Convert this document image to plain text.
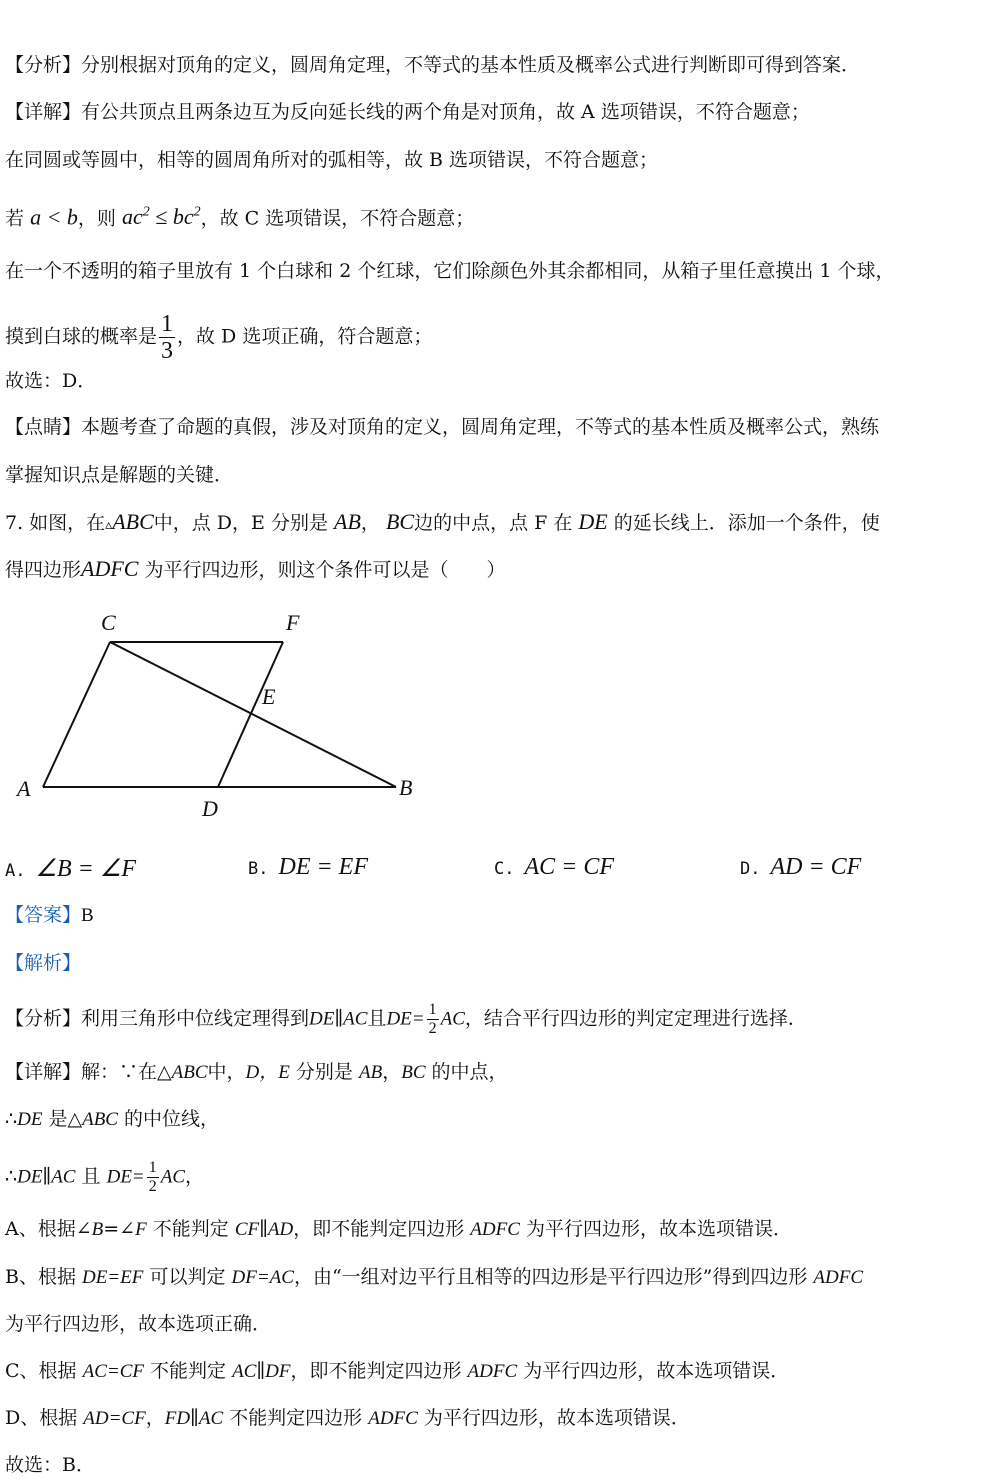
【分析】分别根据对顶角的定义，圆周角定理，不等式的基本性质及概率公式进行判断即可得到答案．
【详解】有公共顶点且两条边互为反向延长线的两个角是对顶角，故 A 选项错误，不符合题意；
在同圆或等圆中，相等的圆周角所对的弧相等，故 B 选项错误，不符合题意；
若 a < b，则 $ac^2 \le bc^2$，故 C 选项错误，不符合题意；
在一个不透明的箱子里放有 1 个白球和 2 个红球，它们除颜色外其余都相同，从箱子里任意摸出 1 个球，
摸到白球的概率是 $\frac{1}{3}$ ，故 D 选项正确，符合题意；
故选：D．
【点睛】本题考查了命题的真假，涉及对顶角的定义，圆周角定理，不等式的基本性质及概率公式，熟练
掌握知识点是解题的关键．
7. 如图，在▵ABC中，点 D，E 分别是 AB， BC边的中点，点 F 在 DE 的延长线上．添加一个条件，使
得四边形ADFC 为平行四边形，则这个条件可以是（　　）
C	F
E
A
D
B
A. ∠B = ∠F	B. DE = EF	C. AC = CF	D. AD = CF
【答案】B
【解析】
【分析】利用三角形中位线定理得到DE∥AC且$DE= \frac{1}{2}$ AC，结合平行四边形的判定定理进行选择．
【详解】解：∵在△ABC中，D，E 分别是 AB，BC 的中点，
∴DE 是△ABC 的中位线，
∴DE∥AC 且 $DE= \frac{1}{2}$ AC，
A、根据∠B=∠F 不能判定 CF∥AD，即不能判定四边形 ADFC 为平行四边形，故本选项错误．
B、根据 DE=EF 可以判定 DF=AC，由“一组对边平行且相等的四边形是平行四边形”得到四边形 ADFC
为平行四边形，故本选项正确．
C、根据 AC=CF 不能判定 AC∥DF，即不能判定四边形 ADFC 为平行四边形，故本选项错误．
D、根据 AD=CF，FD∥AC 不能判定四边形 ADFC 为平行四边形，故本选项错误．
故选：B．
